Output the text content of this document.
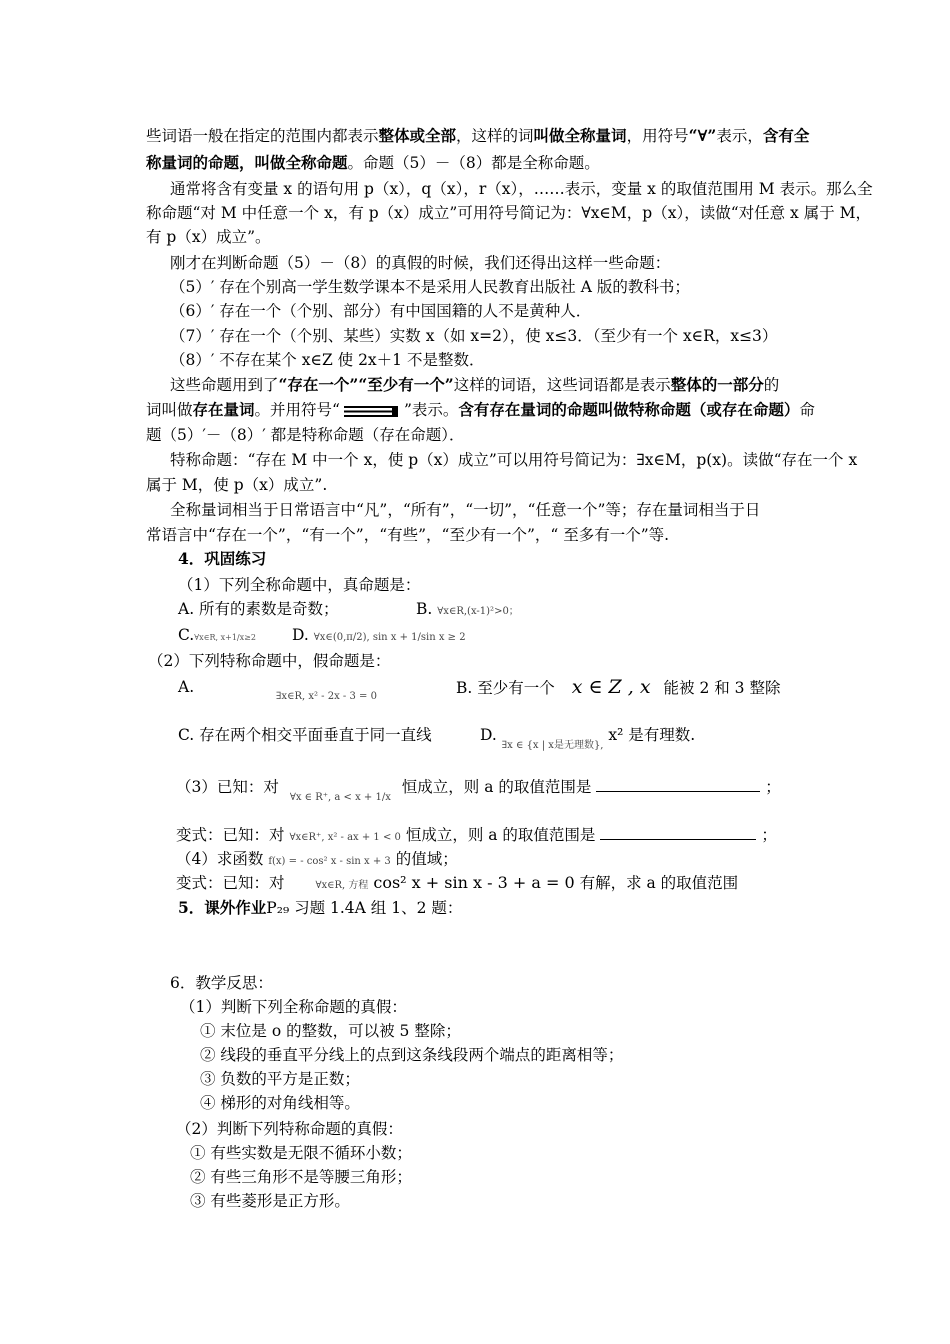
些词语一般在指定的范围内都表示整体或全部，这样的词叫做全称量词，用符号“∀”表示，含有全
称量词的命题，叫做全称命题。命题（5）－（8）都是全称命题。
通常将含有变量 x 的语句用 p（x），q（x），r（x），……表示，变量 x 的取值范围用 M 表示。那么全
称命题“对 M 中任意一个 x，有 p（x）成立”可用符号简记为：∀x∈M，p（x），读做“对任意 x 属于 M，
有 p（x）成立”。
刚才在判断命题（5）－（8）的真假的时候，我们还得出这样一些命题：
（5）′ 存在个别高一学生数学课本不是采用人民教育出版社 A 版的教科书；
（6）′ 存在一个（个别、部分）有中国国籍的人不是黄种人．
（7）′ 存在一个（个别、某些）实数 x（如 x=2），使 x≤3．（至少有一个 x∈R，x≤3）
（8）′ 不存在某个 x∈Z 使 2x＋1 不是整数．
这些命题用到了“存在一个”“至少有一个”这样的词语，这些词语都是表示整体的一部分的
词叫做存在量词。并用符号“	”表示。含有存在量词的命题叫做特称命题（或存在命题）命
题（5）′－（8）′ 都是特称命题（存在命题）．
特称命题：“存在 M 中一个 x，使 p（x）成立”可以用符号简记为：∃x∈M，p(x)。读做“存在一个 x
属于 M，使 p（x）成立”.
全称量词相当于日常语言中“凡”，“所有”，“一切”，“任意一个”等；存在量词相当于日
常语言中“存在一个”，“有一个”，“有些”，“至少有一个”，“ 至多有一个”等.
4．巩固练习
（1）下列全称命题中，真命题是：
A. 所有的素数是奇数；	B. ∀x∈R,(x-1)²>0；
C.∀x∈R, x+1/x≥2 D. ∀x∈(0,π/2), sin x + 1/sin x ≥ 2
（2）下列特称命题中，假命题是：
A.
∃x∈R, x² - 2x - 3 = 0	B. 至少有一个 x ∈ Z , x 能被 2 和 3 整除
C. 存在两个相交平面垂直于同一直线	D. $_{\exists x \in \{x | x是无理数\},}$ x² 是有理数.
（3）已知：对 $_{\forall x \in R^+, a < x + 1/x}$ 恒成立，则 a 的取值范围是	；
变式：已知：对 ∀x∈R⁺, x² - ax + 1 < 0 恒成立，则 a 的取值范围是	；
（4）求函数 f(x) = - cos² x - sin x + 3 的值域；
变式：已知：对	∀x∈R, 方程 cos² x + sin x - 3 + a = 0 有解，求 a 的取值范围
5．课外作业P₂₉ 习题 1.4A 组 1、2 题：
6．教学反思：
（1）判断下列全称命题的真假：
① 末位是 o 的整数，可以被 5 整除；
② 线段的垂直平分线上的点到这条线段两个端点的距离相等；
③ 负数的平方是正数；
④ 梯形的对角线相等。
（2）判断下列特称命题的真假：
① 有些实数是无限不循环小数；
② 有些三角形不是等腰三角形；
③ 有些菱形是正方形。
